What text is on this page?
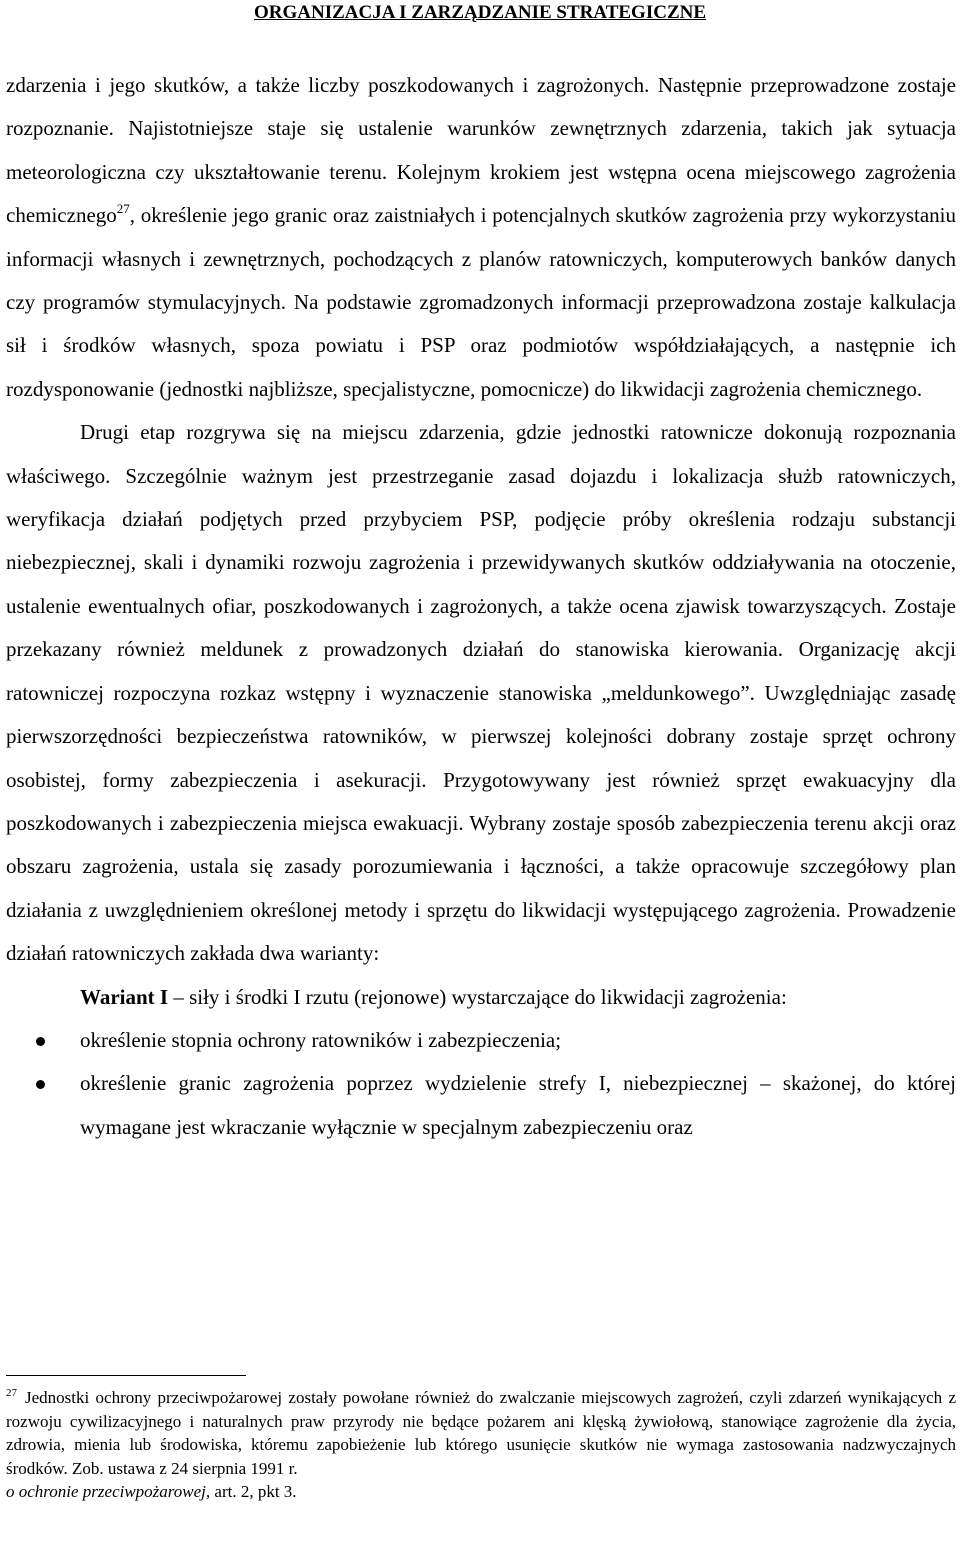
ORGANIZACJA I ZARZĄDZANIE STRATEGICZNE

zdarzenia i jego skutków, a także liczby poszkodowanych i zagrożonych. Następnie przeprowadzone zostaje rozpoznanie. Najistotniejsze staje się ustalenie warunków zewnętrznych zdarzenia, takich jak sytuacja meteorologiczna czy ukształtowanie terenu. Kolejnym krokiem jest wstępna ocena miejscowego zagrożenia chemicznego$^{27}$, określenie jego granic oraz zaistniałych i potencjalnych skutków zagrożenia przy wykorzystaniu informacji własnych i zewnętrznych, pochodzących z planów ratowniczych, komputerowych banków danych czy programów stymulacyjnych. Na podstawie zgromadzonych informacji przeprowadzona zostaje kalkulacja sił i środków własnych, spoza powiatu i PSP oraz podmiotów współdziałających, a następnie ich rozdysponowanie (jednostki najbliższe, specjalistyczne, pomocnicze) do likwidacji zagrożenia chemicznego.

Drugi etap rozgrywa się na miejscu zdarzenia, gdzie jednostki ratownicze dokonują rozpoznania właściwego. Szczególnie ważnym jest przestrzeganie zasad dojazdu i lokalizacja służb ratowniczych, weryfikacja działań podjętych przed przybyciem PSP, podjęcie próby określenia rodzaju substancji niebezpiecznej, skali i dynamiki rozwoju zagrożenia i przewidywanych skutków oddziaływania na otoczenie, ustalenie ewentualnych ofiar, poszkodowanych i zagrożonych, a także ocena zjawisk towarzyszących. Zostaje przekazany również meldunek z prowadzonych działań do stanowiska kierowania. Organizację akcji ratowniczej rozpoczyna rozkaz wstępny i wyznaczenie stanowiska „meldunkowego”. Uwzględniając zasadę pierwszorzędności bezpieczeństwa ratowników, w pierwszej kolejności dobrany zostaje sprzęt ochrony osobistej, formy zabezpieczenia i asekuracji. Przygotowywany jest również sprzęt ewakuacyjny dla poszkodowanych i zabezpieczenia miejsca ewakuacji. Wybrany zostaje sposób zabezpieczenia terenu akcji oraz obszaru zagrożenia, ustala się zasady porozumiewania i łączności, a także opracowuje szczegółowy plan działania z uwzględnieniem określonej metody i sprzętu do likwidacji występującego zagrożenia. Prowadzenie działań ratowniczych zakłada dwa warianty:

Wariant I – siły i środki I rzutu (rejonowe) wystarczające do likwidacji zagrożenia:

określenie stopnia ochrony ratowników i zabezpieczenia;
określenie granic zagrożenia poprzez wydzielenie strefy I, niebezpiecznej – skażonej, do której wymagane jest wkraczanie wyłącznie w specjalnym zabezpieczeniu oraz
$^{27}$ Jednostki ochrony przeciwpożarowej zostały powołane również do zwalczanie miejscowych zagrożeń, czyli zdarzeń wynikających z rozwoju cywilizacyjnego i naturalnych praw przyrody nie będące pożarem ani klęską żywiołową, stanowiące zagrożenie dla życia, zdrowia, mienia lub środowiska, któremu zapobieżenie lub którego usunięcie skutków nie wymaga zastosowania nadzwyczajnych środków. Zob. ustawa z 24 sierpnia 1991 r.
o ochronie przeciwpożarowej, art. 2, pkt 3.
